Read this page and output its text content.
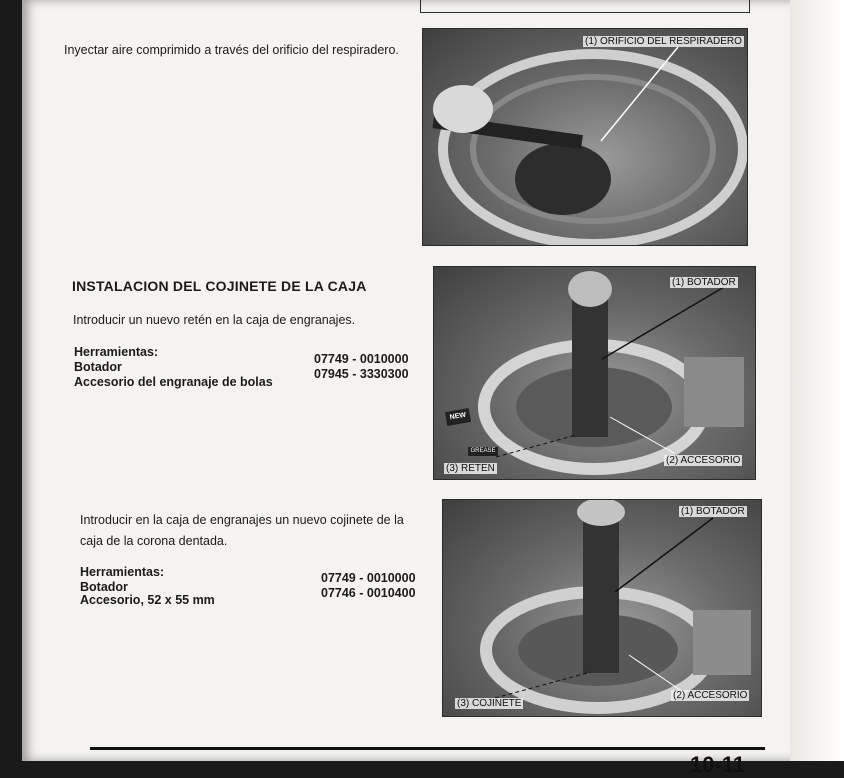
Inyectar aire comprimido a través del orificio del respiradero.
(1) ORIFICIO DEL RESPIRADERO
INSTALACION DEL COJINETE DE LA CAJA
Introducir un nuevo retén en la caja de engranajes.
Herramientas:
Botador
07749 - 0010000
Accesorio del engranaje de bolas
07945 - 3330300
NEW
GREASE
(1) BOTADOR
(2) ACCESORIO
(3) RETEN
Introducir en la caja de engranajes un nuevo cojinete de la
caja de la corona dentada.
Herramientas:
Botador
07749 - 0010000
Accesorio, 52 x 55 mm	07746 - 0010400
(1) BOTADOR
(2) ACCESORIO
(3) COJINETE
10-11
